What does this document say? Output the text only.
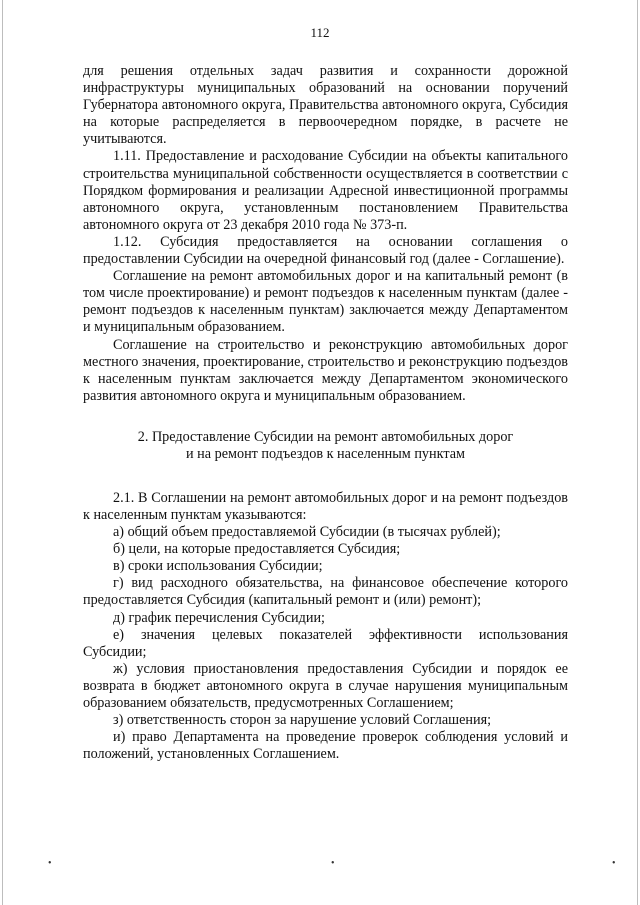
112

для решения отдельных задач развития и сохранности дорожной инфраструктуры муниципальных образований на основании поручений Губернатора автономного округа, Правительства автономного округа, Субсидия на которые распределяется в первоочередном порядке, в расчете не учитываются.

1.11. Предоставление и расходование Субсидии на объекты капитального строительства муниципальной собственности осуществляется в соответствии с Порядком формирования и реализации Адресной инвестиционной программы автономного округа, установленным постановлением Правительства автономного округа от 23 декабря 2010 года № 373-п.

1.12. Субсидия предоставляется на основании соглашения о предоставлении Субсидии на очередной финансовый год (далее - Соглашение).

Соглашение на ремонт автомобильных дорог и на капитальный ремонт (в том числе проектирование) и ремонт подъездов к населенным пунктам (далее - ремонт подъездов к населенным пунктам) заключается между Департаментом и муниципальным образованием.

Соглашение на строительство и реконструкцию автомобильных дорог местного значения, проектирование, строительство и реконструкцию подъездов к населенным пунктам заключается между Департаментом экономического развития автономного округа и муниципальным образованием.

2. Предоставление Субсидии на ремонт автомобильных дорог
и на ремонт подъездов к населенным пунктам

2.1. В Соглашении на ремонт автомобильных дорог и на ремонт подъездов к населенным пунктам указываются:

а) общий объем предоставляемой Субсидии (в тысячах рублей);

б) цели, на которые предоставляется Субсидия;

в) сроки использования Субсидии;

г) вид расходного обязательства, на финансовое обеспечение которого предоставляется Субсидия (капитальный ремонт и (или) ремонт);

д) график перечисления Субсидии;

е) значения целевых показателей эффективности использования Субсидии;

ж) условия приостановления предоставления Субсидии и порядок ее возврата в бюджет автономного округа в случае нарушения муниципальным образованием обязательств, предусмотренных Соглашением;

з) ответственность сторон за нарушение условий Соглашения;

и) право Департамента на проведение проверок соблюдения условий и положений, установленных Соглашением.

•	•	•
